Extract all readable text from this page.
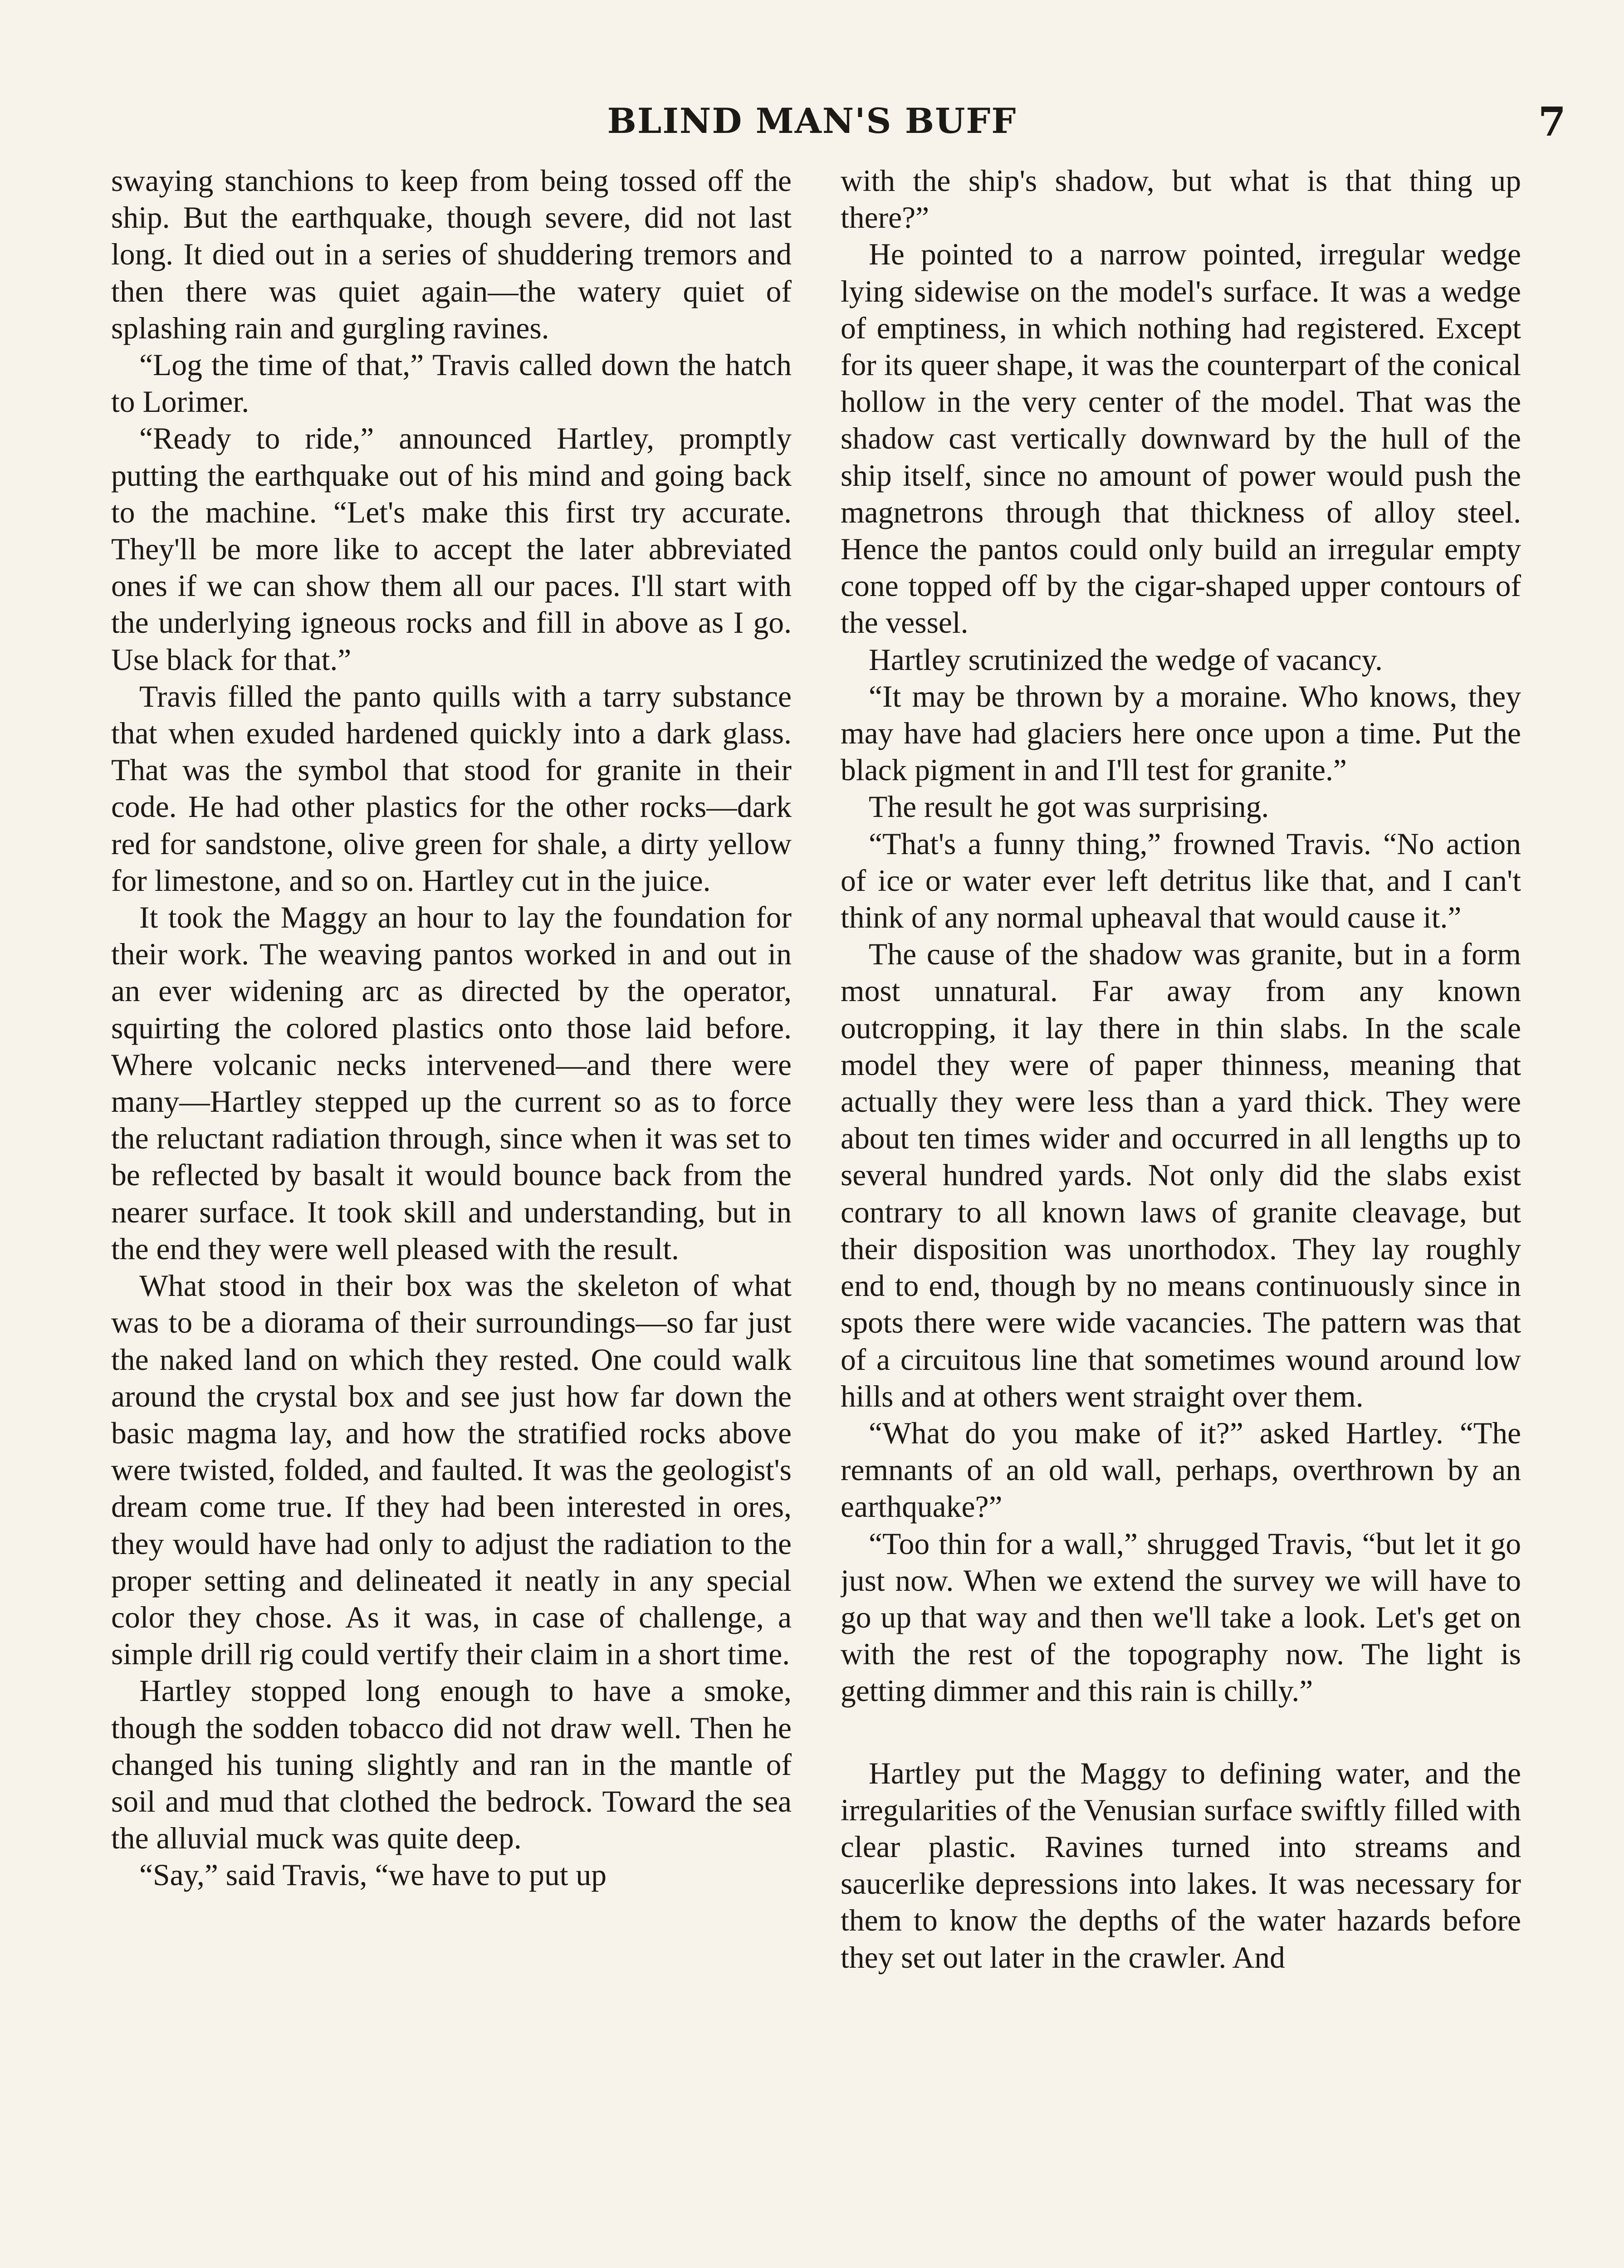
BLIND MAN'S BUFF	7

swaying stanchions to keep from being tossed off the ship. But the earthquake, though severe, did not last long. It died out in a series of shuddering tremors and then there was quiet again—the watery quiet of splashing rain and gurgling ravines.

“Log the time of that,” Travis called down the hatch to Lorimer.

“Ready to ride,” announced Hartley, promptly putting the earthquake out of his mind and going back to the machine. “Let's make this first try accurate. They'll be more like to accept the later abbreviated ones if we can show them all our paces. I'll start with the underlying igneous rocks and fill in above as I go. Use black for that.”

Travis filled the panto quills with a tarry substance that when exuded hardened quickly into a dark glass. That was the symbol that stood for granite in their code. He had other plastics for the other rocks—dark red for sandstone, olive green for shale, a dirty yellow for limestone, and so on. Hartley cut in the juice.

It took the Maggy an hour to lay the foundation for their work. The weaving pantos worked in and out in an ever widening arc as directed by the operator, squirting the colored plastics onto those laid before. Where volcanic necks intervened—and there were many—Hartley stepped up the current so as to force the reluctant radiation through, since when it was set to be reflected by basalt it would bounce back from the nearer surface. It took skill and understanding, but in the end they were well pleased with the result.

What stood in their box was the skeleton of what was to be a diorama of their surroundings—so far just the naked land on which they rested. One could walk around the crystal box and see just how far down the basic magma lay, and how the stratified rocks above were twisted, folded, and faulted. It was the geologist's dream come true. If they had been interested in ores, they would have had only to adjust the radiation to the proper setting and delineated it neatly in any special color they chose. As it was, in case of challenge, a simple drill rig could vertify their claim in a short time.

Hartley stopped long enough to have a smoke, though the sodden tobacco did not draw well. Then he changed his tuning slightly and ran in the mantle of soil and mud that clothed the bedrock. Toward the sea the alluvial muck was quite deep.

“Say,” said Travis, “we have to put up

with the ship's shadow, but what is that thing up there?”

He pointed to a narrow pointed, irregular wedge lying sidewise on the model's surface. It was a wedge of emptiness, in which nothing had registered. Except for its queer shape, it was the counterpart of the conical hollow in the very center of the model. That was the shadow cast vertically downward by the hull of the ship itself, since no amount of power would push the magnetrons through that thickness of alloy steel. Hence the pantos could only build an irregular empty cone topped off by the cigar-shaped upper contours of the vessel.

Hartley scrutinized the wedge of vacancy.

“It may be thrown by a moraine. Who knows, they may have had glaciers here once upon a time. Put the black pigment in and I'll test for granite.”

The result he got was surprising.

“That's a funny thing,” frowned Travis. “No action of ice or water ever left detritus like that, and I can't think of any normal upheaval that would cause it.”

The cause of the shadow was granite, but in a form most unnatural. Far away from any known outcropping, it lay there in thin slabs. In the scale model they were of paper thinness, meaning that actually they were less than a yard thick. They were about ten times wider and occurred in all lengths up to several hundred yards. Not only did the slabs exist contrary to all known laws of granite cleavage, but their disposition was unorthodox. They lay roughly end to end, though by no means continuously since in spots there were wide vacancies. The pattern was that of a circuitous line that sometimes wound around low hills and at others went straight over them.

“What do you make of it?” asked Hartley. “The remnants of an old wall, perhaps, overthrown by an earthquake?”

“Too thin for a wall,” shrugged Travis, “but let it go just now. When we extend the survey we will have to go up that way and then we'll take a look. Let's get on with the rest of the topography now. The light is getting dimmer and this rain is chilly.”

Hartley put the Maggy to defining water, and the irregularities of the Venusian surface swiftly filled with clear plastic. Ravines turned into streams and saucerlike depressions into lakes. It was necessary for them to know the depths of the water hazards before they set out later in the crawler. And
